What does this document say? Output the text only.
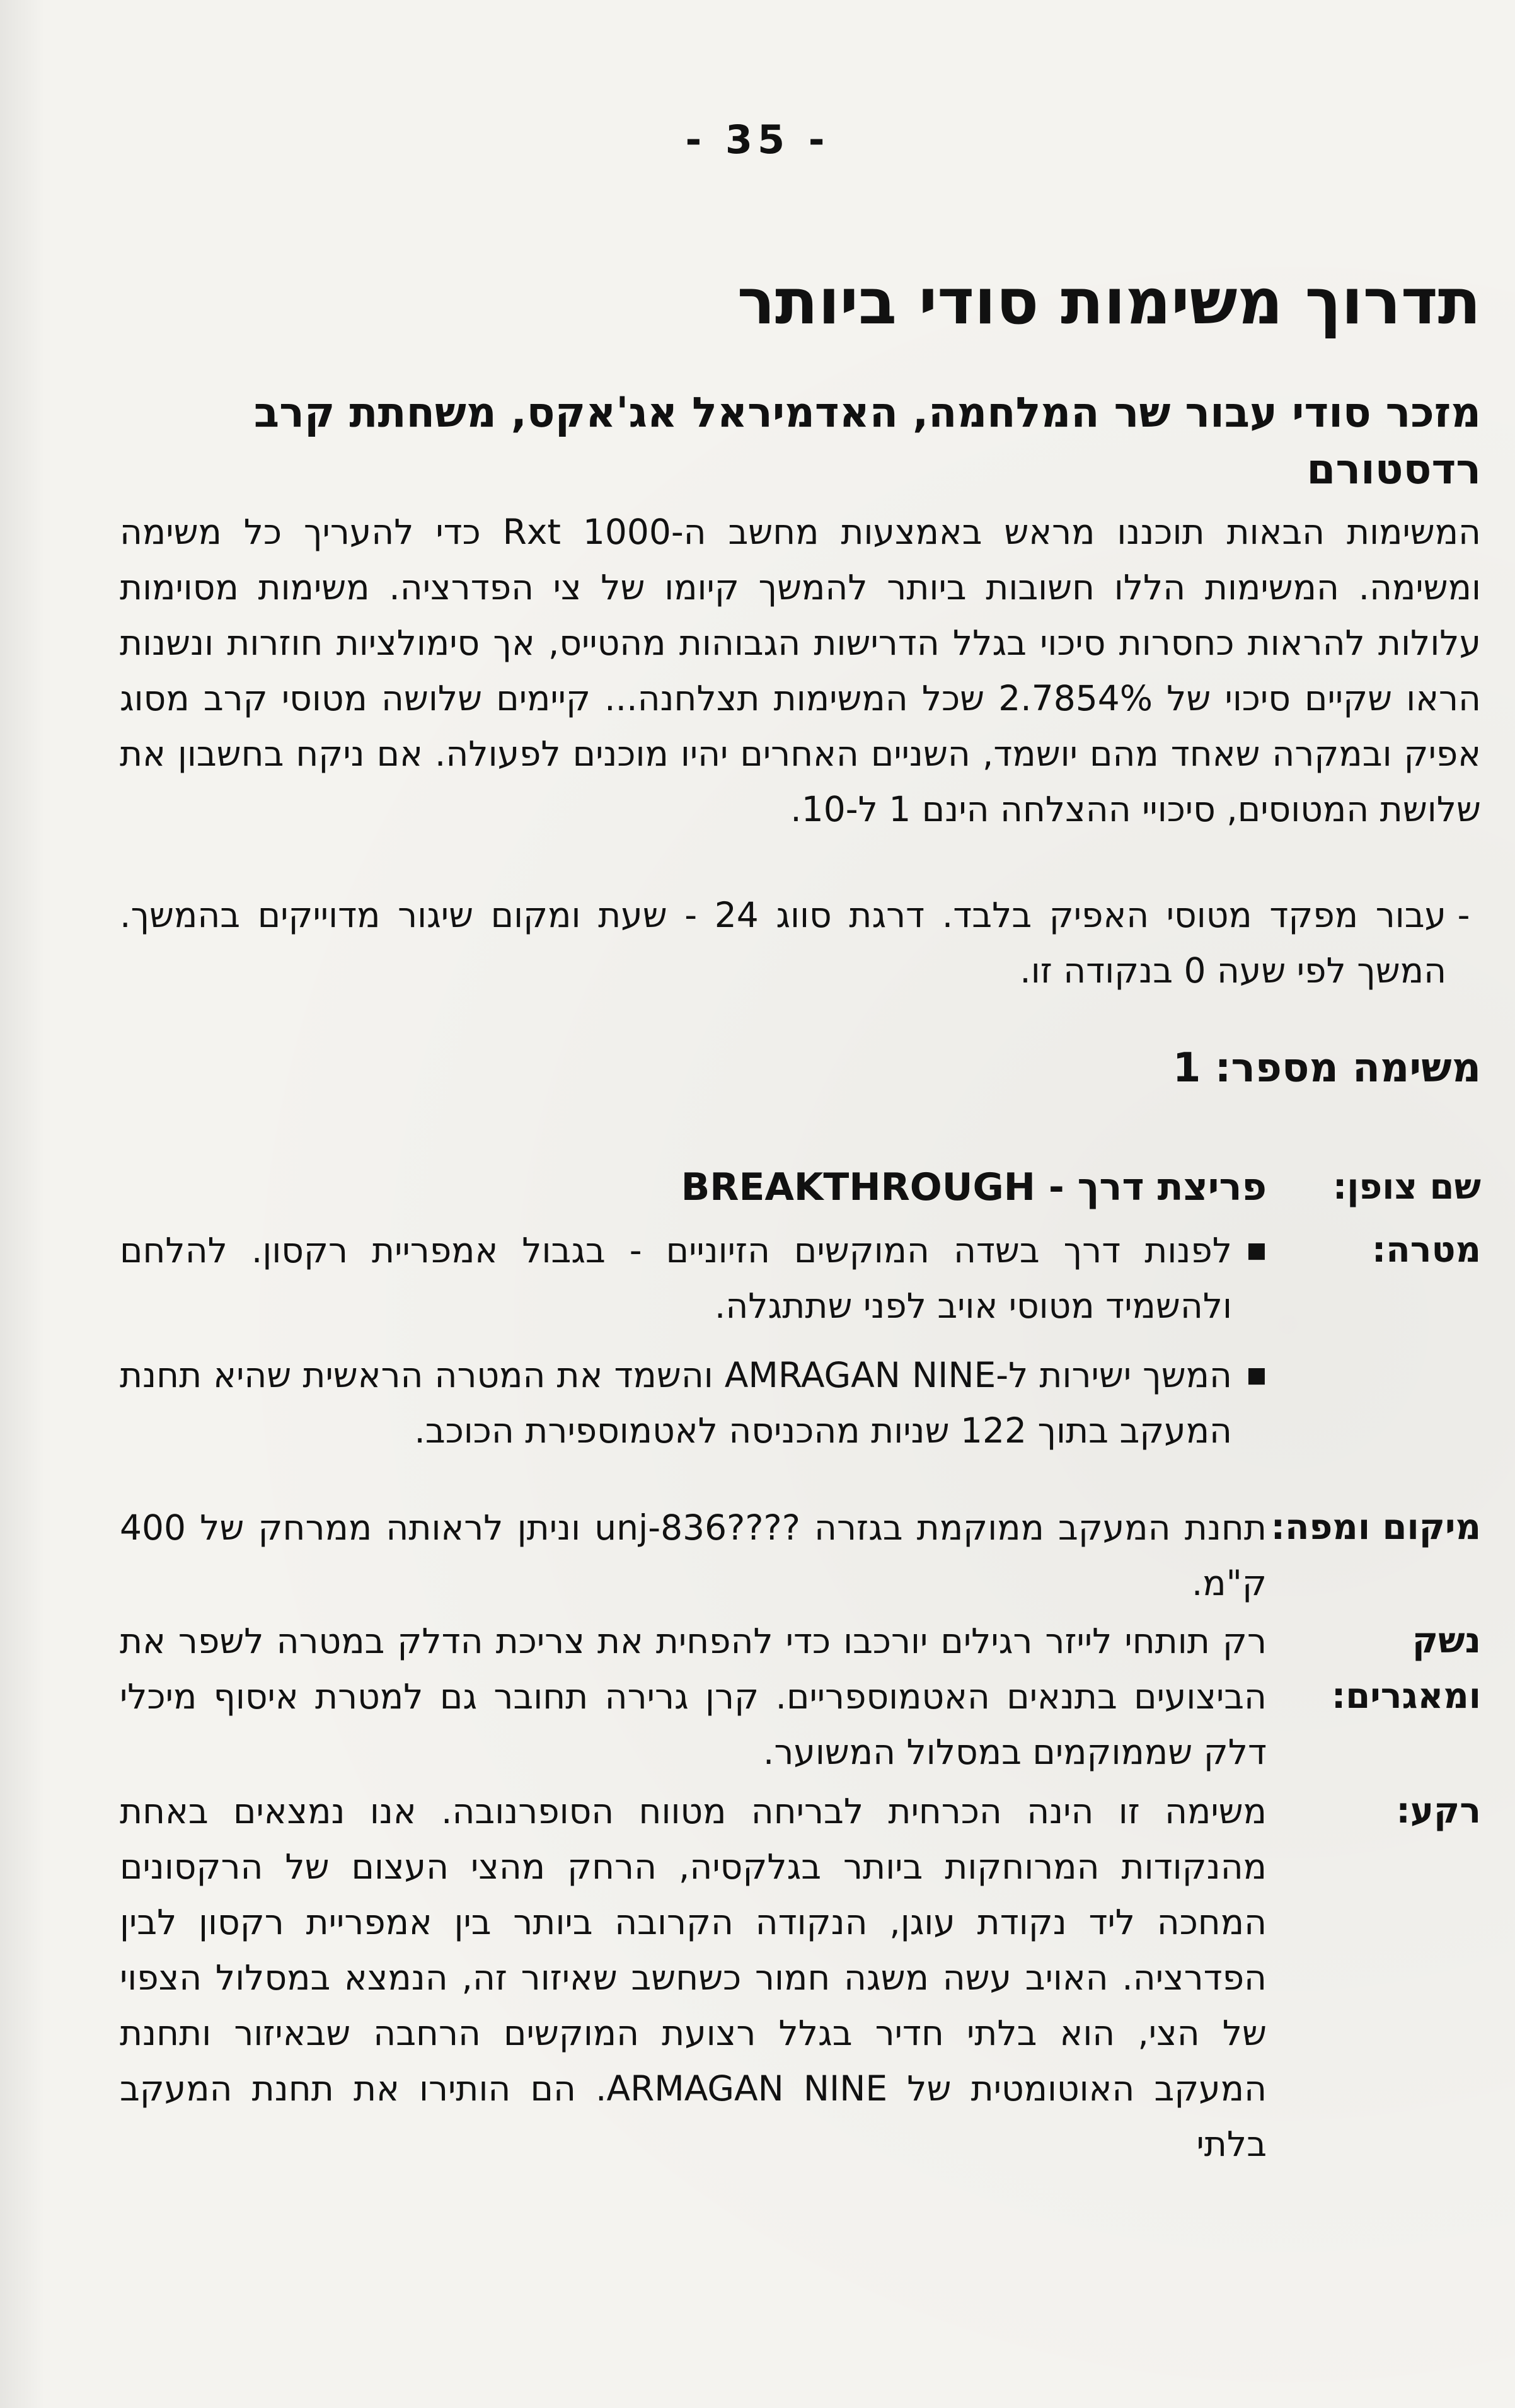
- 35 -
תדרוך משימות סודי ביותר
מזכר סודי עבור שר המלחמה, האדמיראל אג'אקס, משחתת קרב רדסטורם

המשימות הבאות תוכננו מראש באמצעות מחשב ה-Rxt 1000 כדי להעריך כל משימה ומשימה. המשימות הללו חשובות ביותר להמשך קיומו של צי הפדרציה. משימות מסוימות עלולות להראות כחסרות סיכוי בגלל הדרישות הגבוהות מהטייס, אך סימולציות חוזרות ונשנות הראו שקיים סיכוי של 2.7854% שכל המשימות תצלחנה... קיימים שלושה מטוסי קרב מסוג אפיק ובמקרה שאחד מהם יושמד, השניים האחרים יהיו מוכנים לפעולה. אם ניקח בחשבון את שלושת המטוסים, סיכויי ההצלחה הינם 1 ל-10.

-
עבור מפקד מטוסי האפיק בלבד. דרגת סווג 24 - שעת ומקום שיגור מדוייקים בהמשך. המשך לפי שעה 0 בנקודה זו.
משימה מספר: 1
שם צופן:
פריצת דרך - BREAKTHROUGH
מטרה:
■
לפנות דרך בשדה המוקשים הזיוניים - בגבול אמפריית רקסון. להלחם ולהשמיד מטוסי אויב לפני שתתגלה.
■
המשך ישירות ל-AMRAGAN NINE והשמד את המטרה הראשית שהיא תחנת המעקב בתוך 122 שניות מהכניסה לאטמוספירת הכוכב.
מיקום ומפה:
תחנת המעקב ממוקמת בגזרה ????836-unj וניתן לראותה ממרחק של 400 ק"מ.
נשק ומאגרים:
רק תותחי לייזר רגילים יורכבו כדי להפחית את צריכת הדלק במטרה לשפר את הביצועים בתנאים האטמוספריים. קרן גרירה תחובר גם למטרת איסוף מיכלי דלק שממוקמים במסלול המשוער.
רקע:
משימה זו הינה הכרחית לבריחה מטווח הסופרנובה. אנו נמצאים באחת מהנקודות המרוחקות ביותר בגלקסיה, הרחק מהצי העצום של הרקסונים המחכה ליד נקודת עוגן, הנקודה הקרובה ביותר בין אמפריית רקסון לבין הפדרציה. האויב עשה משגה חמור כשחשב שאיזור זה, הנמצא במסלול הצפוי של הצי, הוא בלתי חדיר בגלל רצועת המוקשים הרחבה שבאיזור ותחנת המעקב האוטומטית של ARMAGAN NINE. הם הותירו את תחנת המעקב בלתי
